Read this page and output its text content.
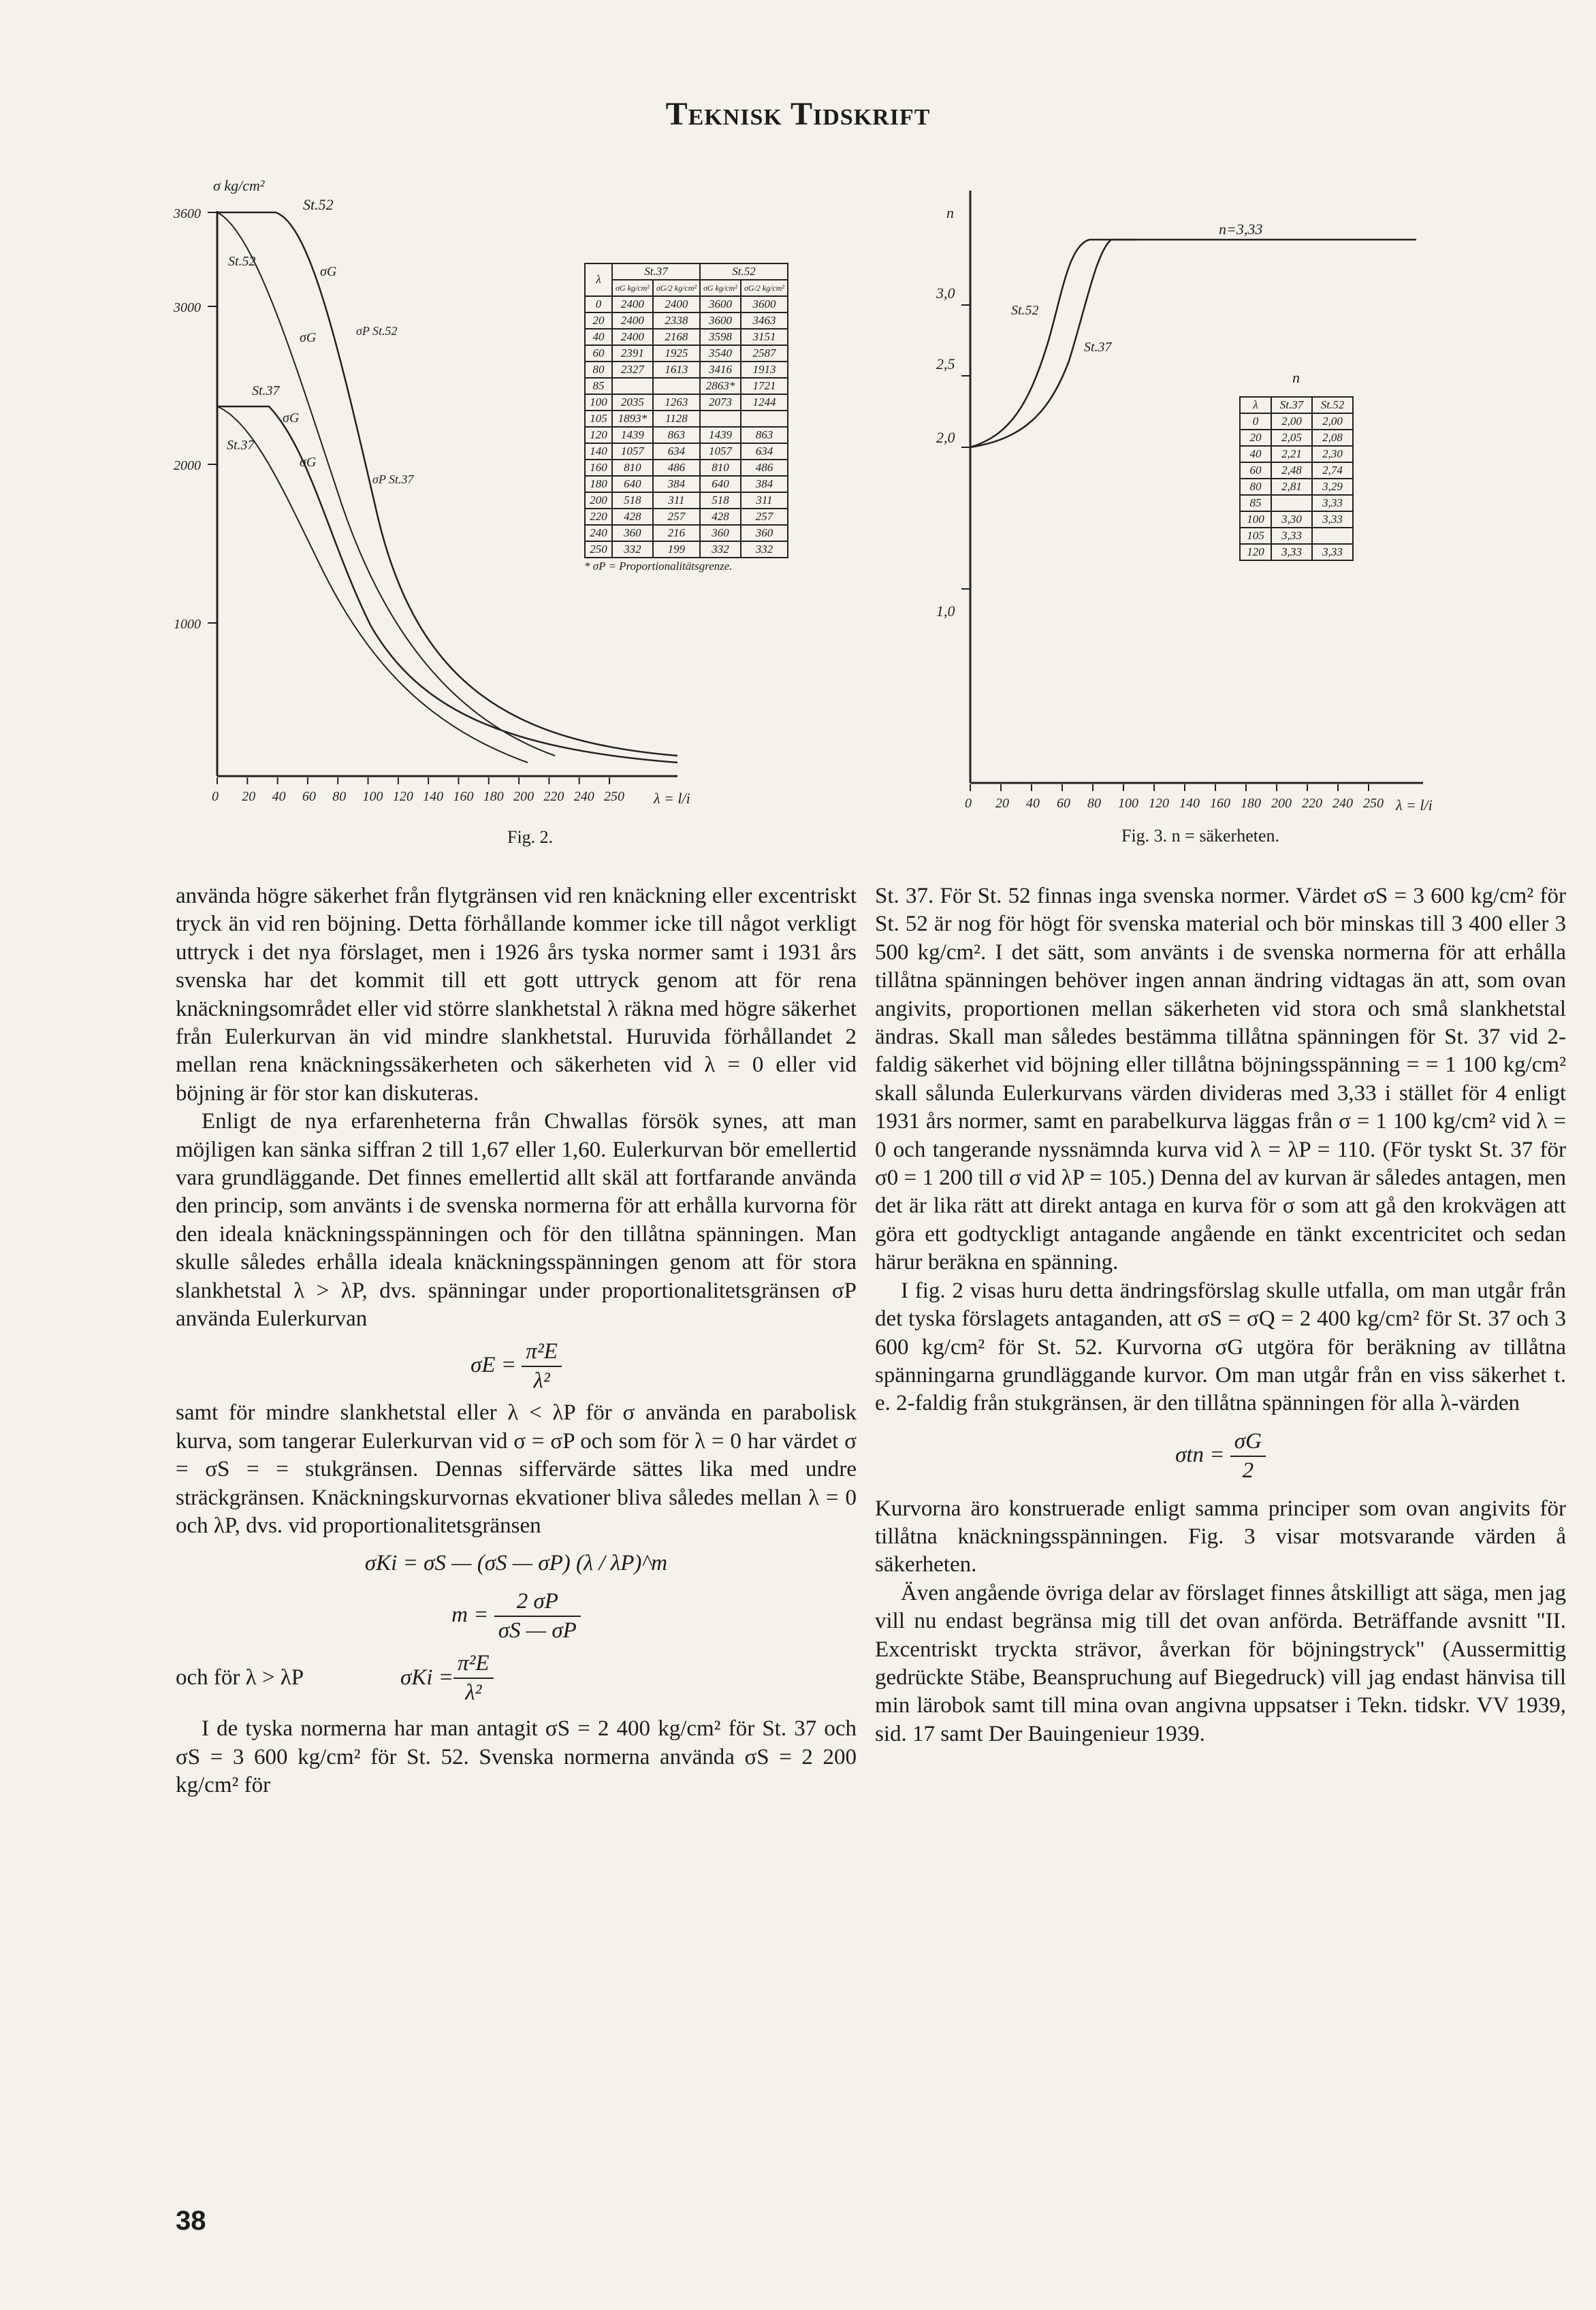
Teknisk Tidskrift
σ kg/cm²
3600
3000
2000
1000
0 20 40 60 80 100 120 140 160 180 200 220 240 250 λ = l/i
St.52
St.52
σG
σG	σP St.52
St.37
St.37
σG
σG
σP St.37
λ	St.37		St.52	
	σG kg/cm²	σG/2 kg/cm²	σG kg/cm²	σG/2 kg/cm²
0	2400	2400	3600	3600
20	2400	2338	3600	3463
40	2400	2168	3598	3151
60	2391	1925	3540	2587
80	2327	1613	3416	1913
85			2863*	1721
100	2035	1263	2073	1244
105	1893*	1128		
120	1439	863	1439	863
140	1057	634	1057	634
160	810	486	810	486
180	640	384	640	384
200	518	311	518	311
220	428	257	428	257
240	360	216	360	360
250	332	199	332	332
* σP = Proportionalitätsgrenze.
Fig. 2.
n
3,0
2,5
2,0
1,0
0 20 40 60 80 100 120 140 160 180 200 220 240 250 λ = l/i
n=3,33
St.52
St.37
n
λ	St.37	St.52
0	2,00	2,00
20	2,05	2,08
40	2,21	2,30
60	2,48	2,74
80	2,81	3,29
85		3,33
100	3,30	3,33
105	3,33	
120	3,33	3,33
Fig. 3. n = säkerheten.

använda högre säkerhet från flytgränsen vid ren knäckning eller excentriskt tryck än vid ren böjning. Detta förhållande kommer icke till något verkligt uttryck i det nya förslaget, men i 1926 års tyska normer samt i 1931 års svenska har det kommit till ett gott uttryck genom att för rena knäckningsområdet eller vid större slankhetstal λ räkna med högre säkerhet från Eulerkurvan än vid mindre slankhetstal. Huruvida förhållandet 2 mellan rena knäckningssäkerheten och säkerheten vid λ = 0 eller vid böjning är för stor kan diskuteras.

Enligt de nya erfarenheterna från Chwallas försök synes, att man möjligen kan sänka siffran 2 till 1,67 eller 1,60. Eulerkurvan bör emellertid vara grundläggande. Det finnes emellertid allt skäl att fortfarande använda den princip, som använts i de svenska normerna för att erhålla kurvorna för den ideala knäckningsspänningen och för den tillåtna spänningen. Man skulle således erhålla ideala knäckningsspänningen genom att för stora slankhetstal λ > λP, dvs. spänningar under proportionalitetsgränsen σP använda Eulerkurvan

$\sigma E = \frac{\text{π²E}}{\text{λ²}}$

samt för mindre slankhetstal eller λ < λP för σ använda en parabolisk kurva, som tangerar Eulerkurvan vid σ = σP och som för λ = 0 har värdet σ = σS = = stukgränsen. Dennas siffervärde sättes lika med undre sträckgränsen. Knäckningskurvornas ekvationer bliva således mellan λ = 0 och λP, dvs. vid proportionalitetsgränsen

σKi = σS — (σS — σP) (λ / λP)^m
$m = \frac{2 \sigma P}{\sigma S — \sigma P}$
och för λ > λP	$\sigma Ki = \frac{\text{π²E}}{\text{λ²}}$

I de tyska normerna har man antagit σS = 2 400 kg/cm² för St. 37 och σS = 3 600 kg/cm² för St. 52. Svenska normerna använda σS = 2 200 kg/cm² för

St. 37. För St. 52 finnas inga svenska normer. Värdet σS = 3 600 kg/cm² för St. 52 är nog för högt för svenska material och bör minskas till 3 400 eller 3 500 kg/cm². I det sätt, som använts i de svenska normerna för att erhålla tillåtna spänningen behöver ingen annan ändring vidtagas än att, som ovan angivits, proportionen mellan säkerheten vid stora och små slankhetstal ändras. Skall man således bestämma tillåtna spänningen för St. 37 vid 2-faldig säkerhet vid böjning eller tillåtna böjningsspänning = = 1 100 kg/cm² skall sålunda Eulerkurvans värden divideras med 3,33 i stället för 4 enligt 1931 års normer, samt en parabelkurva läggas från σ = 1 100 kg/cm² vid λ = 0 och tangerande nyssnämnda kurva vid λ = λP = 110. (För tyskt St. 37 för σ0 = 1 200 till σ vid λP = 105.) Denna del av kurvan är således antagen, men det är lika rätt att direkt antaga en kurva för σ som att gå den krokvägen att göra ett godtyckligt antagande angående en tänkt excentricitet och sedan härur beräkna en spänning.

I fig. 2 visas huru detta ändringsförslag skulle utfalla, om man utgår från det tyska förslagets antaganden, att σS = σQ = 2 400 kg/cm² för St. 37 och 3 600 kg/cm² för St. 52. Kurvorna σG utgöra för beräkning av tillåtna spänningarna grundläggande kurvor. Om man utgår från en viss säkerhet t. e. 2-faldig från stukgränsen, är den tillåtna spänningen för alla λ-värden

$\sigma tn = \frac{\sigma G}{2}$

Kurvorna äro konstruerade enligt samma principer som ovan angivits för tillåtna knäckningsspänningen. Fig. 3 visar motsvarande värden å säkerheten.

Även angående övriga delar av förslaget finnes åtskilligt att säga, men jag vill nu endast begränsa mig till det ovan anförda. Beträffande avsnitt "II. Excentriskt tryckta strävor, åverkan för böjningstryck" (Aussermittig gedrückte Stäbe, Beanspruchung auf Biegedruck) vill jag endast hänvisa till min lärobok samt till mina ovan angivna uppsatser i Tekn. tidskr. VV 1939, sid. 17 samt Der Bauingenieur 1939.

38
